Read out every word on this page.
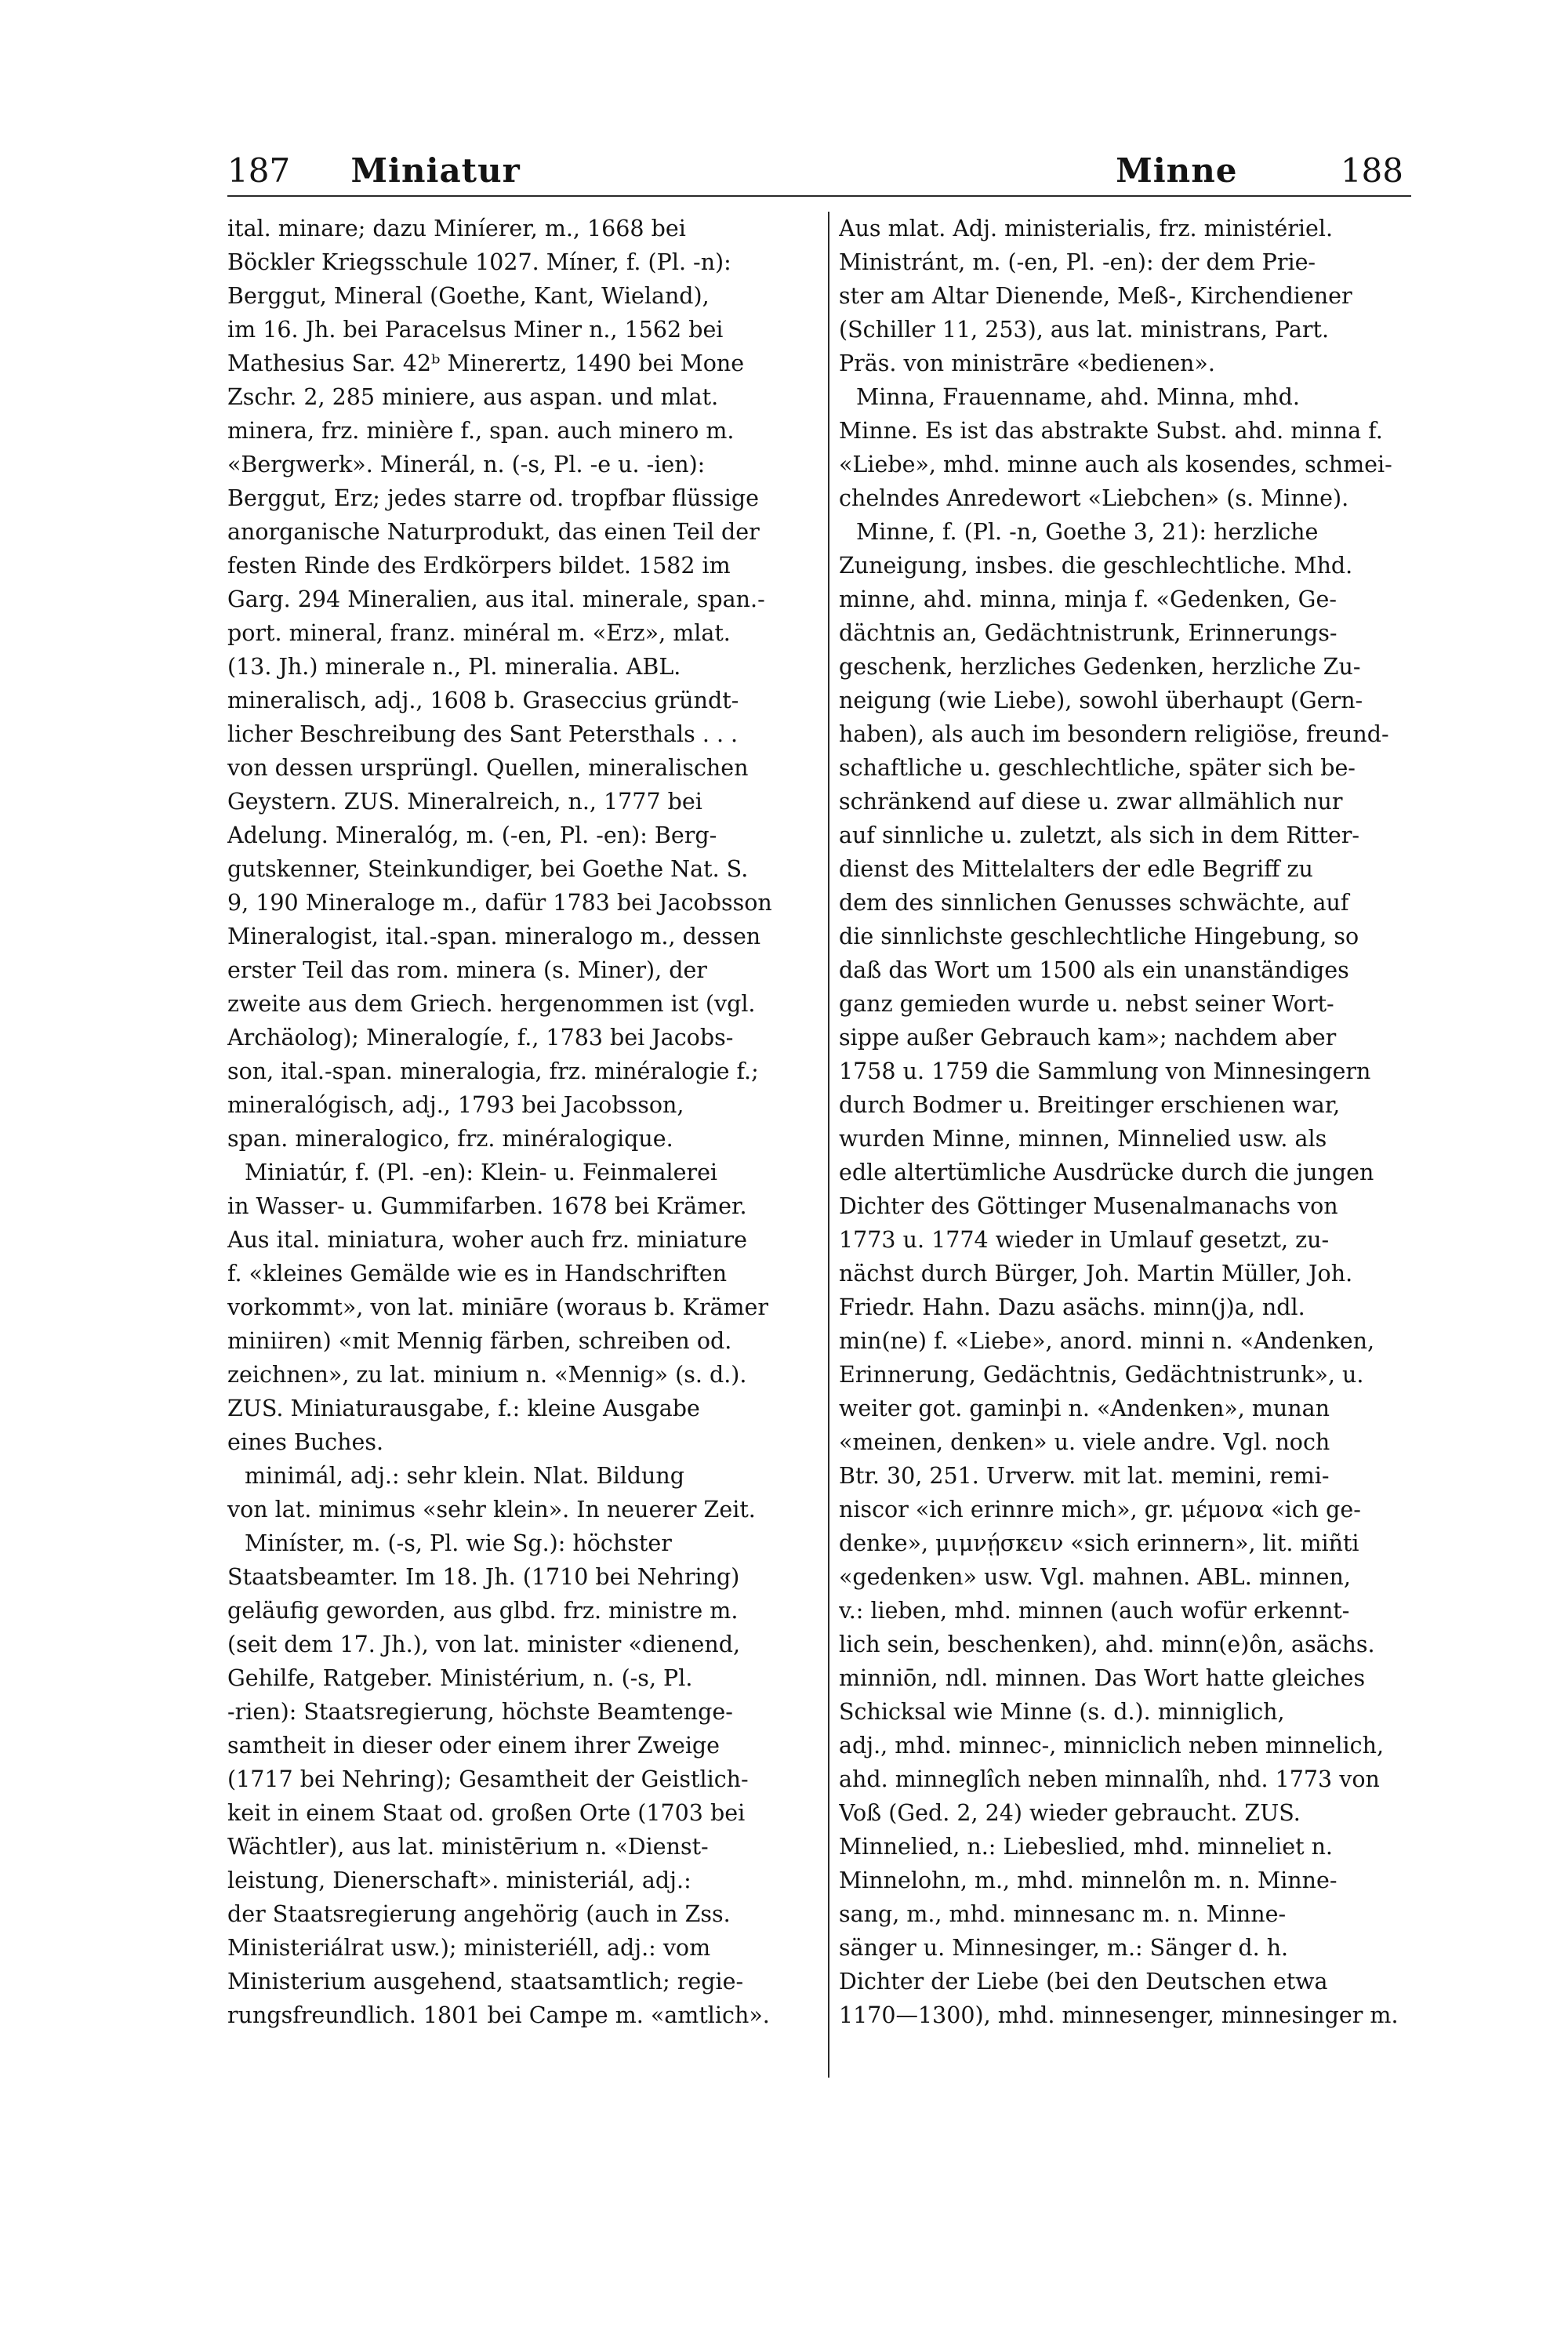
187 Miniatur	Minne	188
ital. minare; dazu Miníerer, m., 1668 bei
Böckler Kriegsschule 1027. Míner, f. (Pl. -n):
Berggut, Mineral (Goethe, Kant, Wieland),
im 16. Jh. bei Paracelsus Miner n., 1562 bei
Mathesius Sar. 42ᵇ Minerertz, 1490 bei Mone
Zschr. 2, 285 miniere, aus aspan. und mlat.
minera, frz. minière f., span. auch minero m.
«Bergwerk». Minerál, n. (-s, Pl. -e u. -ien):
Berggut, Erz; jedes starre od. tropfbar flüssige
anorganische Naturprodukt, das einen Teil der
festen Rinde des Erdkörpers bildet. 1582 im
Garg. 294 Mineralien, aus ital. minerale, span.-
port. mineral, franz. minéral m. «Erz», mlat.
(13. Jh.) minerale n., Pl. mineralia. ABL.
mineralisch, adj., 1608 b. Graseccius gründt-
licher Beschreibung des Sant Petersthals . . .
von dessen ursprüngl. Quellen, mineralischen
Geystern. ZUS. Mineralreich, n., 1777 bei
Adelung. Mineralóg, m. (-en, Pl. -en): Berg-
gutskenner, Steinkundiger, bei Goethe Nat. S.
9, 190 Mineraloge m., dafür 1783 bei Jacobsson
Mineralogist, ital.-span. mineralogo m., dessen
erster Teil das rom. minera (s. Miner), der
zweite aus dem Griech. hergenommen ist (vgl.
Archäolog); Mineralogíe, f., 1783 bei Jacobs-
son, ital.-span. mineralogia, frz. minéralogie f.;
mineralógisch, adj., 1793 bei Jacobsson,
span. mineralogico, frz. minéralogique.
Miniatúr, f. (Pl. -en): Klein- u. Feinmalerei
in Wasser- u. Gummifarben. 1678 bei Krämer.
Aus ital. miniatura, woher auch frz. miniature
f. «kleines Gemälde wie es in Handschriften
vorkommt», von lat. miniāre (woraus b. Krämer
miniiren) «mit Mennig färben, schreiben od.
zeichnen», zu lat. minium n. «Mennig» (s. d.).
ZUS. Miniaturausgabe, f.: kleine Ausgabe
eines Buches.
minimál, adj.: sehr klein. Nlat. Bildung
von lat. minimus «sehr klein». In neuerer Zeit.
Miníster, m. (-s, Pl. wie Sg.): höchster
Staatsbeamter. Im 18. Jh. (1710 bei Nehring)
geläufig geworden, aus glbd. frz. ministre m.
(seit dem 17. Jh.), von lat. minister «dienend,
Gehilfe, Ratgeber. Ministérium, n. (-s, Pl.
-rien): Staatsregierung, höchste Beamtenge-
samtheit in dieser oder einem ihrer Zweige
(1717 bei Nehring); Gesamtheit der Geistlich-
keit in einem Staat od. großen Orte (1703 bei
Wächtler), aus lat. ministērium n. «Dienst-
leistung, Dienerschaft». ministeriál, adj.:
der Staatsregierung angehörig (auch in Zss.
Ministeriálrat usw.); ministeriéll, adj.: vom
Ministerium ausgehend, staatsamtlich; regie-
rungsfreundlich. 1801 bei Campe m. «amtlich».
Aus mlat. Adj. ministerialis, frz. ministériel.
Ministránt, m. (-en, Pl. -en): der dem Prie-
ster am Altar Dienende, Meß-, Kirchendiener
(Schiller 11, 253), aus lat. ministrans, Part.
Präs. von ministrāre «bedienen».
Minna, Frauenname, ahd. Minna, mhd.
Minne. Es ist das abstrakte Subst. ahd. minna f.
«Liebe», mhd. minne auch als kosendes, schmei-
chelndes Anredewort «Liebchen» (s. Minne).
Minne, f. (Pl. -n, Goethe 3, 21): herzliche
Zuneigung, insbes. die geschlechtliche. Mhd.
minne, ahd. minna, minja f. «Gedenken, Ge-
dächtnis an, Gedächtnistrunk, Erinnerungs-
geschenk, herzliches Gedenken, herzliche Zu-
neigung (wie Liebe), sowohl überhaupt (Gern-
haben), als auch im besondern religiöse, freund-
schaftliche u. geschlechtliche, später sich be-
schränkend auf diese u. zwar allmählich nur
auf sinnliche u. zuletzt, als sich in dem Ritter-
dienst des Mittelalters der edle Begriff zu
dem des sinnlichen Genusses schwächte, auf
die sinnlichste geschlechtliche Hingebung, so
daß das Wort um 1500 als ein unanständiges
ganz gemieden wurde u. nebst seiner Wort-
sippe außer Gebrauch kam»; nachdem aber
1758 u. 1759 die Sammlung von Minnesingern
durch Bodmer u. Breitinger erschienen war,
wurden Minne, minnen, Minnelied usw. als
edle altertümliche Ausdrücke durch die jungen
Dichter des Göttinger Musenalmanachs von
1773 u. 1774 wieder in Umlauf gesetzt, zu-
nächst durch Bürger, Joh. Martin Müller, Joh.
Friedr. Hahn. Dazu asächs. minn(j)a, ndl.
min(ne) f. «Liebe», anord. minni n. «Andenken,
Erinnerung, Gedächtnis, Gedächtnistrunk», u.
weiter got. gaminþi n. «Andenken», munan
«meinen, denken» u. viele andre. Vgl. noch
Btr. 30, 251. Urverw. mit lat. memini, remi-
niscor «ich erinnre mich», gr. μέμονα «ich ge-
denke», μιμνῄσκειν «sich erinnern», lit. miñti
«gedenken» usw. Vgl. mahnen. ABL. minnen,
v.: lieben, mhd. minnen (auch wofür erkennt-
lich sein, beschenken), ahd. minn(e)ôn, asächs.
minniōn, ndl. minnen. Das Wort hatte gleiches
Schicksal wie Minne (s. d.). minniglich,
adj., mhd. minnec-, minniclich neben minnelich,
ahd. minneglîch neben minnalîh, nhd. 1773 von
Voß (Ged. 2, 24) wieder gebraucht. ZUS.
Minnelied, n.: Liebeslied, mhd. minneliet n.
Minnelohn, m., mhd. minnelôn m. n. Minne-
sang, m., mhd. minnesanc m. n. Minne-
sänger u. Minnesinger, m.: Sänger d. h.
Dichter der Liebe (bei den Deutschen etwa
1170—1300), mhd. minnesenger, minnesinger m.
